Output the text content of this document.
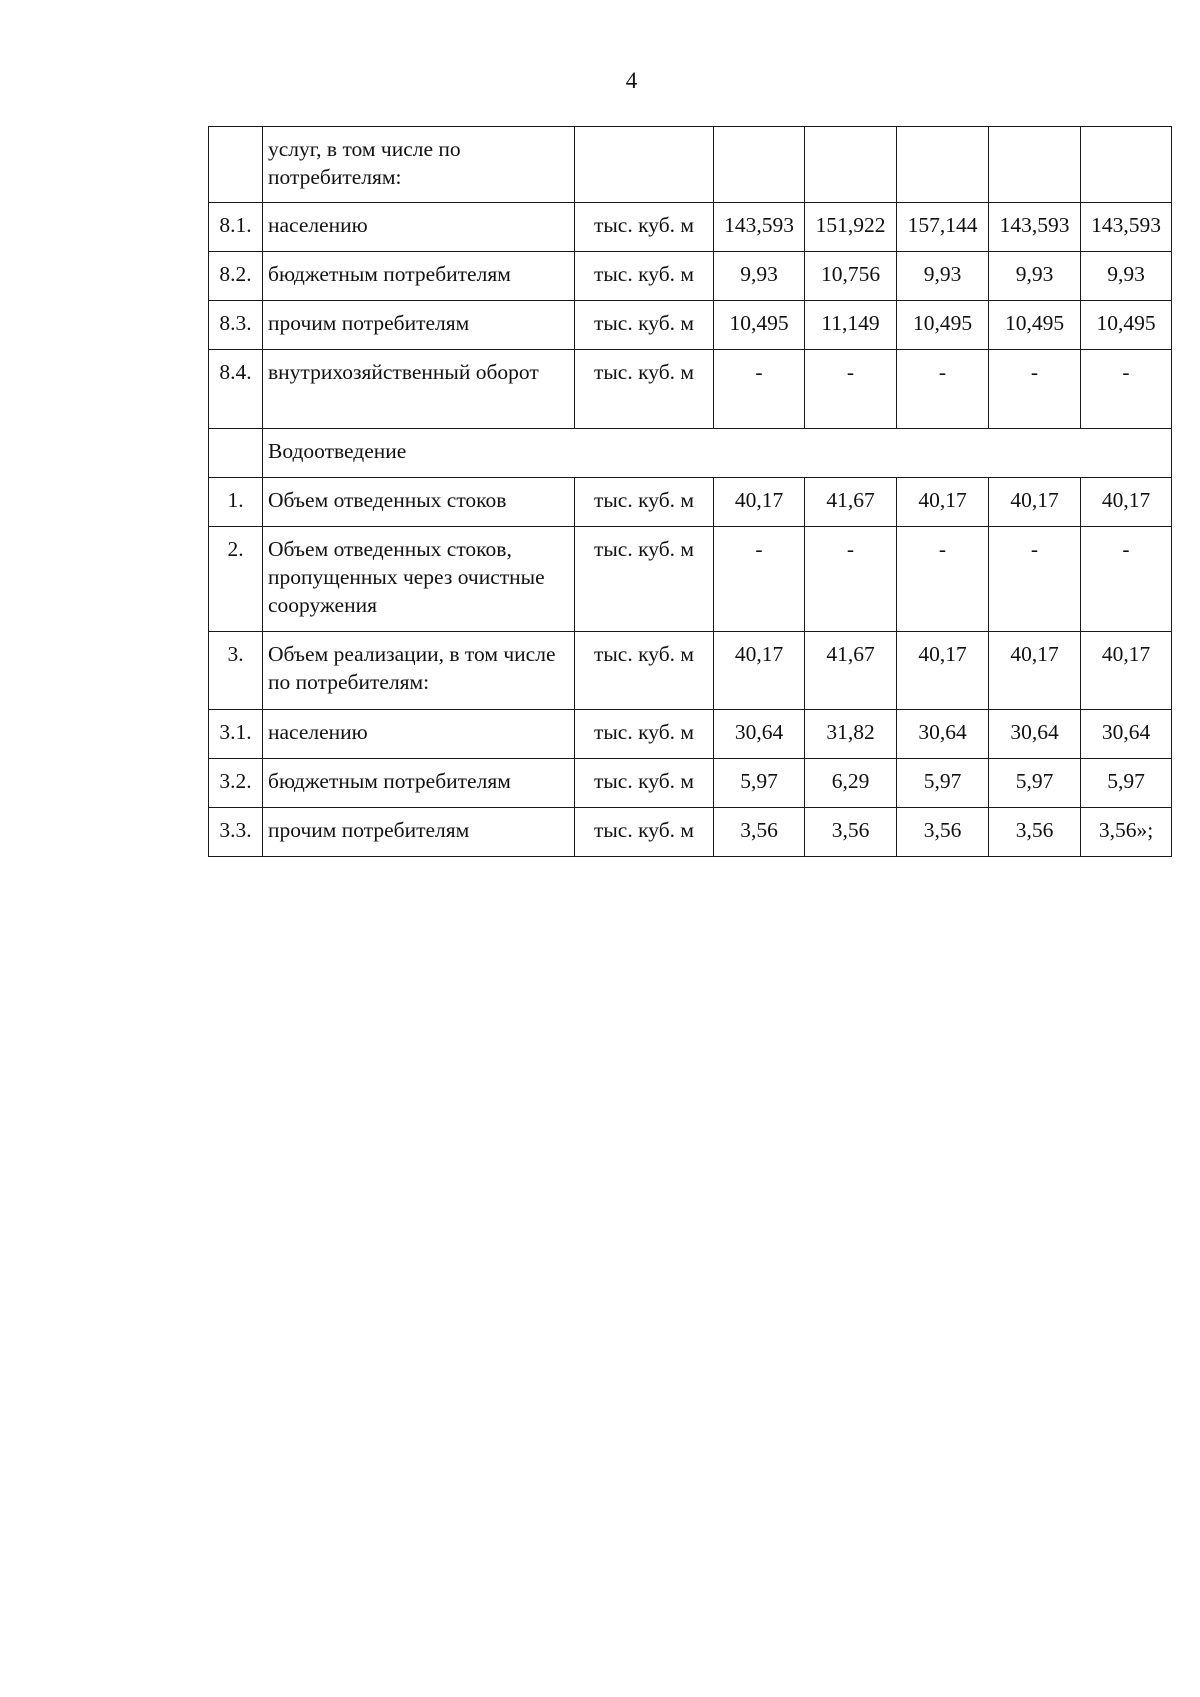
4
	услуг, в том числе по потребителям:						
8.1.	населению	тыс. куб. м	143,593	151,922	157,144	143,593	143,593
8.2.	бюджетным потребителям	тыс. куб. м	9,93	10,756	9,93	9,93	9,93
8.3.	прочим потребителям	тыс. куб. м	10,495	11,149	10,495	10,495	10,495
8.4.	внутрихозяйственный оборот	тыс. куб. м	-	-	-	-	-
	Водоотведение						
1.	Объем отведенных стоков	тыс. куб. м	40,17	41,67	40,17	40,17	40,17
2.	Объем отведенных стоков, пропущенных через очистные сооружения	тыс. куб. м	-	-	-	-	-
3.	Объем реализации, в том числе по потребителям:	тыс. куб. м	40,17	41,67	40,17	40,17	40,17
3.1.	населению	тыс. куб. м	30,64	31,82	30,64	30,64	30,64
3.2.	бюджетным потребителям	тыс. куб. м	5,97	6,29	5,97	5,97	5,97
3.3.	прочим потребителям	тыс. куб. м	3,56	3,56	3,56	3,56	3,56»;
